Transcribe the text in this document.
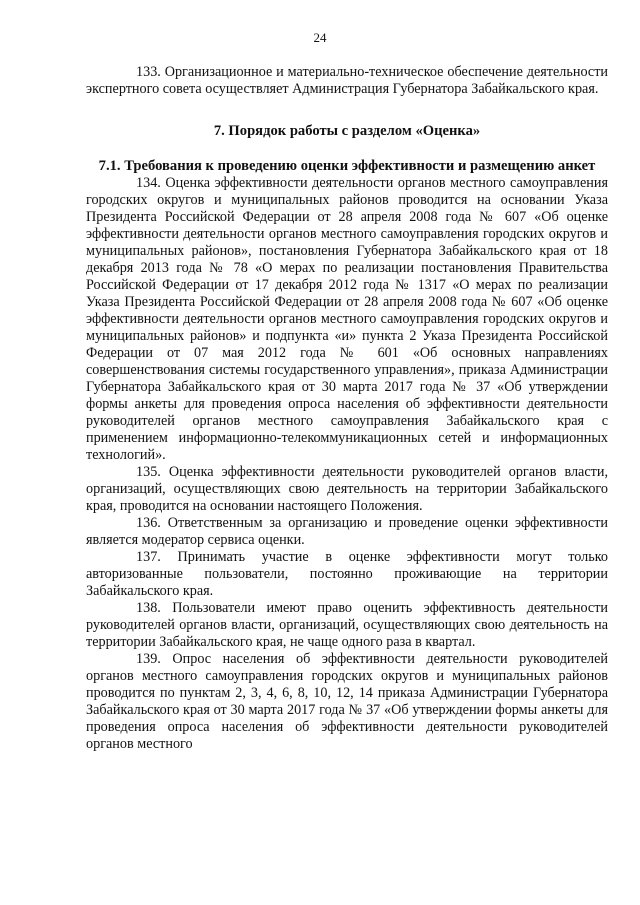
24

133. Организационное и материально-техническое обеспечение деятельности экспертного совета осуществляет Администрация Губернатора Забайкальского края.

7. Порядок работы с разделом «Оценка»

7.1. Требования к проведению оценки эффективности и размещению анкет

134. Оценка эффективности деятельности органов местного самоуправления городских округов и муниципальных районов проводится на основании Указа Президента Российской Федерации от 28 апреля 2008 года № 607 «Об оценке эффективности деятельности органов местного самоуправления городских округов и муниципальных районов», постановления Губернатора Забайкальского края от 18 декабря 2013 года № 78 «О мерах по реализации постановления Правительства Российской Федерации от 17 декабря 2012 года № 1317 «О мерах по реализации Указа Президента Российской Федерации от 28 апреля 2008 года № 607 «Об оценке эффективности деятельности органов местного самоуправления городских округов и муниципальных районов» и подпункта «и» пункта 2 Указа Президента Российской Федерации от 07 мая 2012 года № 601 «Об основных направлениях совершенствования системы государственного управления», приказа Администрации Губернатора Забайкальского края от 30 марта 2017 года № 37 «Об утверждении формы анкеты для проведения опроса населения об эффективности деятельности руководителей органов местного самоуправления Забайкальского края с применением информационно-телекоммуникационных сетей и информационных технологий».

135. Оценка эффективности деятельности руководителей органов власти, организаций, осуществляющих свою деятельность на территории Забайкальского края, проводится на основании настоящего Положения.

136. Ответственным за организацию и проведение оценки эффективности является модератор сервиса оценки.

137. Принимать участие в оценке эффективности могут только авторизованные пользователи, постоянно проживающие на территории Забайкальского края.

138. Пользователи имеют право оценить эффективность деятельности руководителей органов власти, организаций, осуществляющих свою деятельность на территории Забайкальского края, не чаще одного раза в квартал.

139. Опрос населения об эффективности деятельности руководителей органов местного самоуправления городских округов и муниципальных районов проводится по пунктам 2, 3, 4, 6, 8, 10, 12, 14 приказа Администрации Губернатора Забайкальского края от 30 марта 2017 года № 37 «Об утверждении формы анкеты для проведения опроса населения об эффективности деятельности руководителей органов местного
